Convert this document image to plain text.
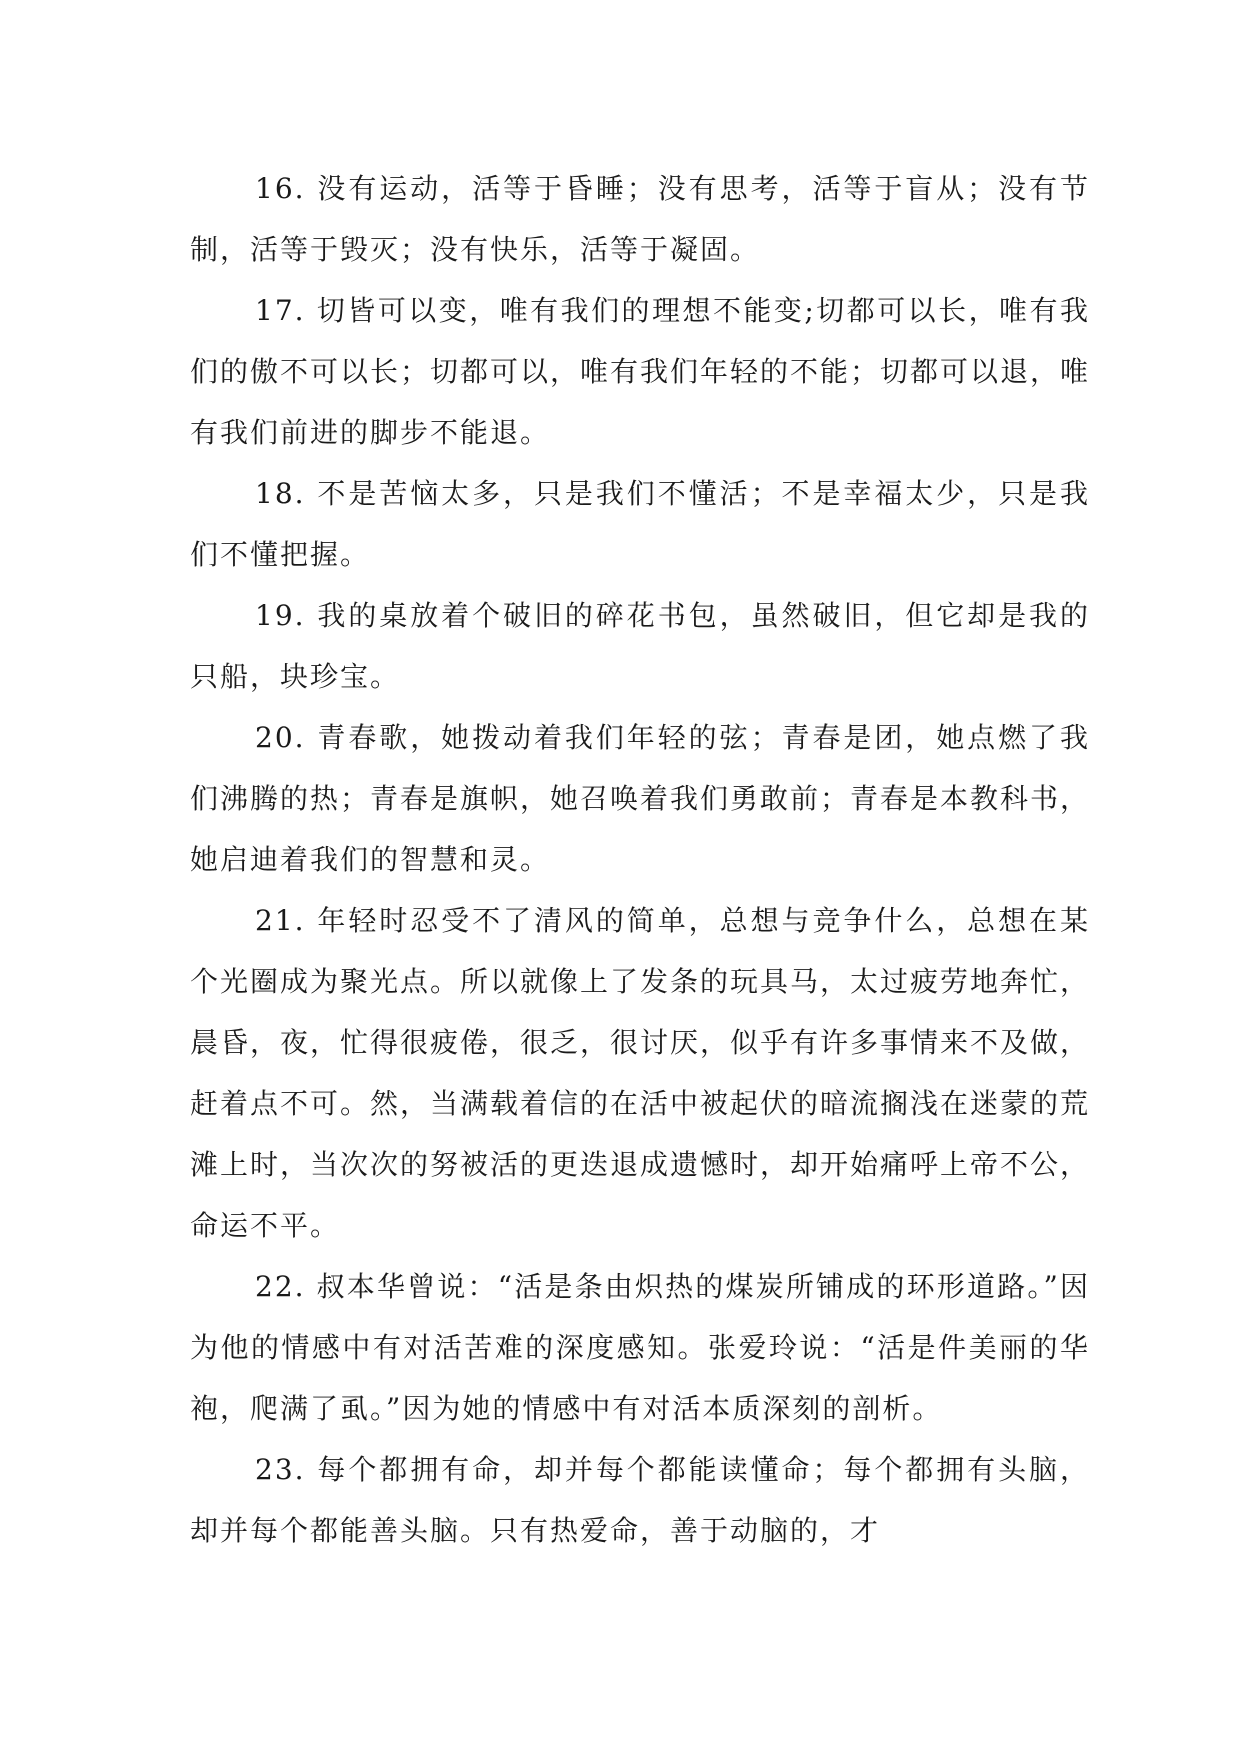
16. 没有运动，活等于昏睡；没有思考，活等于盲从；没有节制，活等于毁灭；没有快乐，活等于凝固。

17. 切皆可以变，唯有我们的理想不能变;切都可以长，唯有我们的傲不可以长；切都可以，唯有我们年轻的不能；切都可以退，唯有我们前进的脚步不能退。

18. 不是苦恼太多，只是我们不懂活；不是幸福太少，只是我们不懂把握。

19. 我的桌放着个破旧的碎花书包，虽然破旧，但它却是我的只船，块珍宝。

20. 青春歌，她拨动着我们年轻的弦；青春是团，她点燃了我们沸腾的热；青春是旗帜，她召唤着我们勇敢前；青春是本教科书，她启迪着我们的智慧和灵。

21. 年轻时忍受不了清风的简单，总想与竞争什么，总想在某个光圈成为聚光点。所以就像上了发条的玩具马，太过疲劳地奔忙，晨昏，夜，忙得很疲倦，很乏，很讨厌，似乎有许多事情来不及做，赶着点不可。然，当满载着信的在活中被起伏的暗流搁浅在迷蒙的荒滩上时，当次次的努被活的更迭退成遗憾时，却开始痛呼上帝不公，命运不平。

22. 叔本华曾说：“活是条由炽热的煤炭所铺成的环形道路。”因为他的情感中有对活苦难的深度感知。张爱玲说：“活是件美丽的华袍，爬满了虱。”因为她的情感中有对活本质深刻的剖析。

23. 每个都拥有命，却并每个都能读懂命；每个都拥有头脑，却并每个都能善头脑。只有热爱命，善于动脑的，才
